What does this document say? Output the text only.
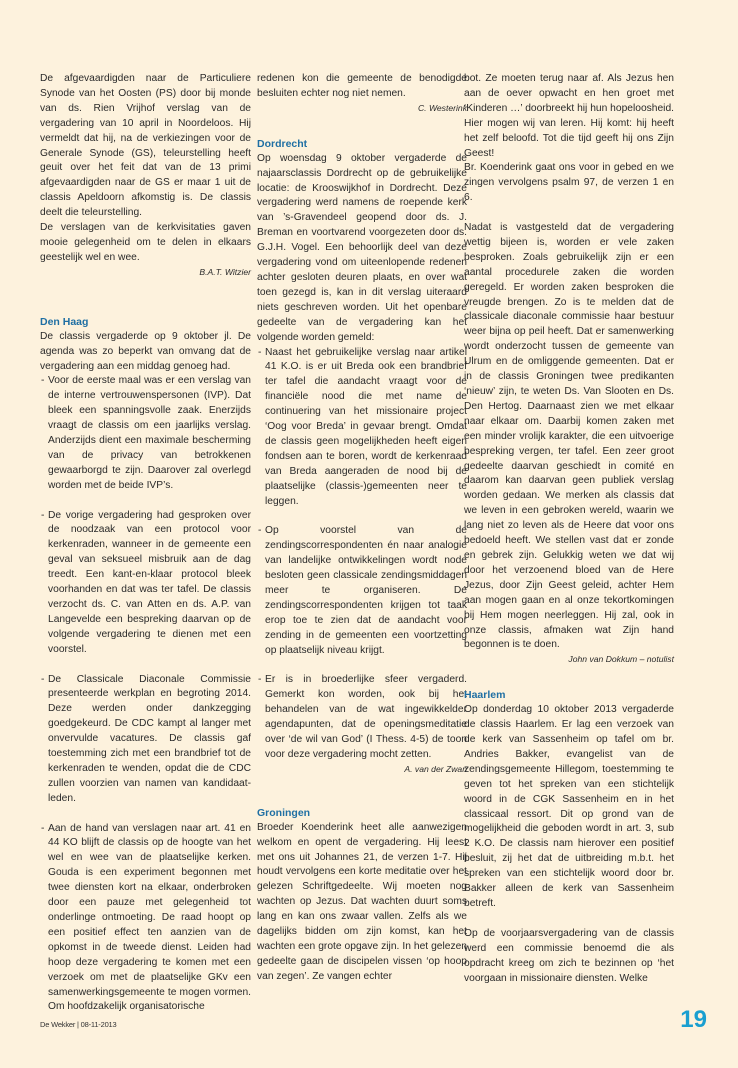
De afgevaardigden naar de Particuliere Synode van het Oosten (PS) door bij monde van ds. Rien Vrijhof verslag van de vergadering van 10 april in Noordeloos. Hij vermeldt dat hij, na de verkiezingen voor de Generale Synode (GS), teleurstelling heeft geuit over het feit dat van de 13 primi afgevaardigden naar de GS er maar 1 uit de classis Apeldoorn afkomstig is. De classis deelt die teleurstelling.

De verslagen van de kerkvisitaties gaven mooie gelegenheid om te delen in elkaars geestelijk wel en wee.

B.A.T. Witzier

Den Haag

De classis vergaderde op 9 oktober jl. De agenda was zo beperkt van omvang dat de vergadering aan een middag genoeg had.

- Voor de eerste maal was er een verslag van de interne vertrouwenspersonen (IVP). Dat bleek een spanningsvolle zaak. Enerzijds vraagt de classis om een jaarlijks verslag. Anderzijds dient een maximale bescherming van de privacy van betrokkenen gewaarborgd te zijn. Daarover zal overlegd worden met de beide IVP’s.
- De vorige vergadering had gesproken over de noodzaak van een protocol voor kerkenraden, wanneer in de gemeente een geval van seksueel misbruik aan de dag treedt. Een kant-en-klaar protocol bleek voorhanden en dat was ter tafel. De classis verzocht ds. C. van Atten en ds. A.P. van Langevelde een bespreking daarvan op de volgende vergadering te dienen met een voorstel.
- De Classicale Diaconale Commissie presenteerde werkplan en begroting 2014. Deze werden onder dankzegging goedgekeurd. De CDC kampt al langer met onvervulde vacatures. De classis gaf toestemming zich met een brandbrief tot de kerkenraden te wenden, opdat die de CDC zullen voorzien van namen van kandidaat-leden.
- Aan de hand van verslagen naar art. 41 en 44 KO blijft de classis op de hoogte van het wel en wee van de plaatselijke kerken. Gouda is een experiment begonnen met twee diensten kort na elkaar, onderbroken door een pauze met gelegenheid tot onderlinge ontmoeting. De raad hoopt op een positief effect ten aanzien van de opkomst in de tweede dienst. Leiden had hoop deze vergadering te komen met een verzoek om met de plaatselijke GKv een samenwerkingsgemeente te mogen vormen. Om hoofdzakelijk organisatorische

redenen kon die gemeente de benodigde besluiten echter nog niet nemen.

C. Westerink

Dordrecht

Op woensdag 9 oktober vergaderde de najaarsclassis Dordrecht op de gebruikelijke locatie: de Krooswijkhof in Dordrecht. Deze vergadering werd namens de roepende kerk van ’s-Gravendeel geopend door ds. J. Breman en voortvarend voorgezeten door ds. G.J.H. Vogel. Een behoorlijk deel van deze vergadering vond om uiteenlopende redenen achter gesloten deuren plaats, en over wat toen gezegd is, kan in dit verslag uiteraard niets geschreven worden. Uit het openbare gedeelte van de vergadering kan het volgende worden gemeld:

- Naast het gebruikelijke verslag naar artikel 41 K.O. is er uit Breda ook een brandbrief ter tafel die aandacht vraagt voor de financiële nood die met name de continuering van het missionaire project ‘Oog voor Breda’ in gevaar brengt. Omdat de classis geen mogelijkheden heeft eigen fondsen aan te boren, wordt de kerkenraad van Breda aangeraden de nood bij de plaatselijke (classis-)gemeenten neer te leggen.
- Op voorstel van de zendingscorrespondenten én naar analogie van landelijke ontwikkelingen wordt node besloten geen classicale zendingsmiddagen meer te organiseren. De zendingscorrespondenten krijgen tot taak erop toe te zien dat de aandacht voor zending in de gemeenten een voortzetting op plaatselijk niveau krijgt.
- Er is in broederlijke sfeer vergaderd. Gemerkt kon worden, ook bij het behandelen van de wat ingewikkelder agendapunten, dat de openingsmeditatie over ‘de wil van God’ (I Thess. 4-5) de toon voor deze vergadering mocht zetten.

A. van der Zwan

Groningen

Broeder Koenderink heet alle aanwezigen welkom en opent de vergadering. Hij leest met ons uit Johannes 21, de verzen 1-7. Hij houdt vervolgens een korte meditatie over het gelezen Schriftgedeelte. Wij moeten nog wachten op Jezus. Dat wachten duurt soms lang en kan ons zwaar vallen. Zelfs als we dagelijks bidden om zijn komst, kan het wachten een grote opgave zijn. In het gelezen gedeelte gaan de discipelen vissen ‘op hoop van zegen’. Ze vangen echter

bot. Ze moeten terug naar af. Als Jezus hen aan de oever opwacht en hen groet met ‘Kinderen …’ doorbreekt hij hun hopeloosheid. Hier mogen wij van leren. Hij komt: hij heeft het zelf beloofd. Tot die tijd geeft hij ons Zijn Geest!

Br. Koenderink gaat ons voor in gebed en we zingen vervolgens psalm 97, de verzen 1 en 6.

Nadat is vastgesteld dat de vergadering wettig bijeen is, worden er vele zaken besproken. Zoals gebruikelijk zijn er een aantal procedurele zaken die worden geregeld. Er worden zaken besproken die vreugde brengen. Zo is te melden dat de classicale diaconale commissie haar bestuur weer bijna op peil heeft. Dat er samenwerking wordt onderzocht tussen de gemeente van Ulrum en de omliggende gemeenten. Dat er in de classis Groningen twee predikanten ‘nieuw’ zijn, te weten Ds. Van Slooten en Ds. Den Hertog. Daarnaast zien we met elkaar naar elkaar om. Daarbij komen zaken met een minder vrolijk karakter, die een uitvoerige bespreking vergen, ter tafel. Een zeer groot gedeelte daarvan geschiedt in comité en daarom kan daarvan geen publiek verslag worden gedaan. We merken als classis dat we leven in een gebroken wereld, waarin we lang niet zo leven als de Heere dat voor ons bedoeld heeft. We stellen vast dat er zonde en gebrek zijn. Gelukkig weten we dat wij door het verzoenend bloed van de Here Jezus, door Zijn Geest geleid, achter Hem aan mogen gaan en al onze tekortkomingen bij Hem mogen neerleggen. Hij zal, ook in onze classis, afmaken wat Zijn hand begonnen is te doen.

John van Dokkum – notulist

Haarlem

Op donderdag 10 oktober 2013 vergaderde de classis Haarlem. Er lag een verzoek van de kerk van Sassenheim op tafel om br. Andries Bakker, evangelist van de zendingsgemeente Hillegom, toestemming te geven tot het spreken van een stichtelijk woord in de CGK Sassenheim en in het classicaal ressort. Dit op grond van de mogelijkheid die geboden wordt in art. 3, sub 2 K.O. De classis nam hierover een positief besluit, zij het dat de uitbreiding m.b.t. het spreken van een stichtelijk woord door br. Bakker alleen de kerk van Sassenheim betreft.

Op de voorjaarsvergadering van de classis werd een commissie benoemd die als opdracht kreeg om zich te bezinnen op ‘het voorgaan in missionaire diensten. Welke

De Wekker | 08-11-2013	19
